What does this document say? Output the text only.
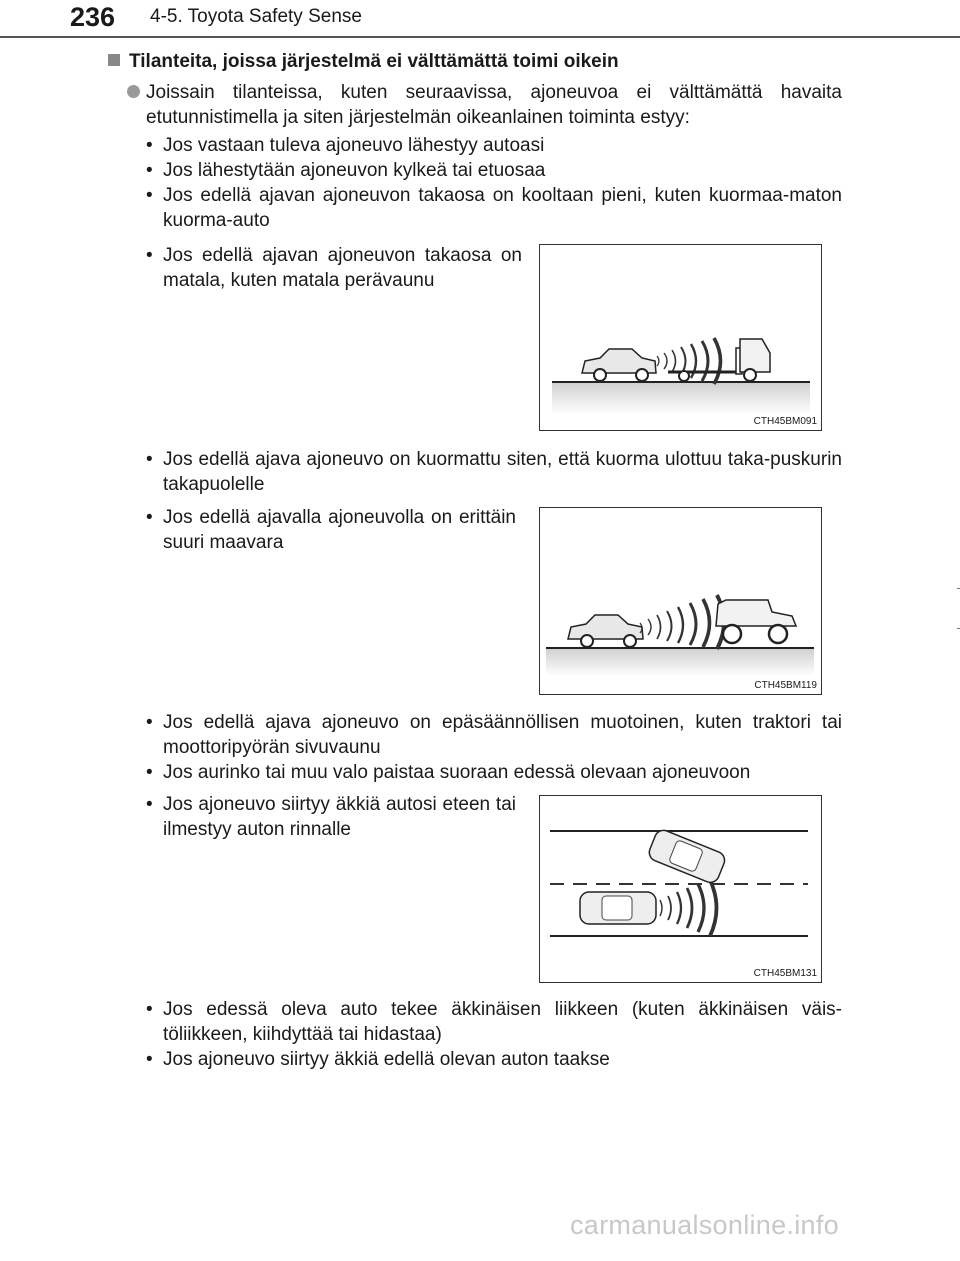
236 4-5. Toyota Safety Sense
Tilanteita, joissa järjestelmä ei välttämättä toimi oikein
Joissain tilanteissa, kuten seuraavissa, ajoneuvoa ei välttämättä havaita etutunnistimella ja siten järjestelmän oikeanlainen toiminta estyy:
• Jos vastaan tuleva ajoneuvo lähestyy autoasi
• Jos lähestytään ajoneuvon kylkeä tai etuosaa
• Jos edellä ajavan ajoneuvon takaosa on kooltaan pieni, kuten kuormaa-maton kuorma-auto
• Jos edellä ajavan ajoneuvon takaosa on matala, kuten matala perävaunu
CTH45BM091
• Jos edellä ajava ajoneuvo on kuormattu siten, että kuorma ulottuu taka-puskurin takapuolelle
• Jos edellä ajavalla ajoneuvolla on erittäin suuri maavara
CTH45BM119
• Jos edellä ajava ajoneuvo on epäsäännöllisen muotoinen, kuten traktori tai moottoripyörän sivuvaunu
• Jos aurinko tai muu valo paistaa suoraan edessä olevaan ajoneuvoon
• Jos ajoneuvo siirtyy äkkiä autosi eteen tai ilmestyy auton rinnalle
CTH45BM131
• Jos edessä oleva auto tekee äkkinäisen liikkeen (kuten äkkinäisen väis-töliikkeen, kiihdyttää tai hidastaa)
• Jos ajoneuvo siirtyy äkkiä edellä olevan auton taakse
carmanualsonline.info
